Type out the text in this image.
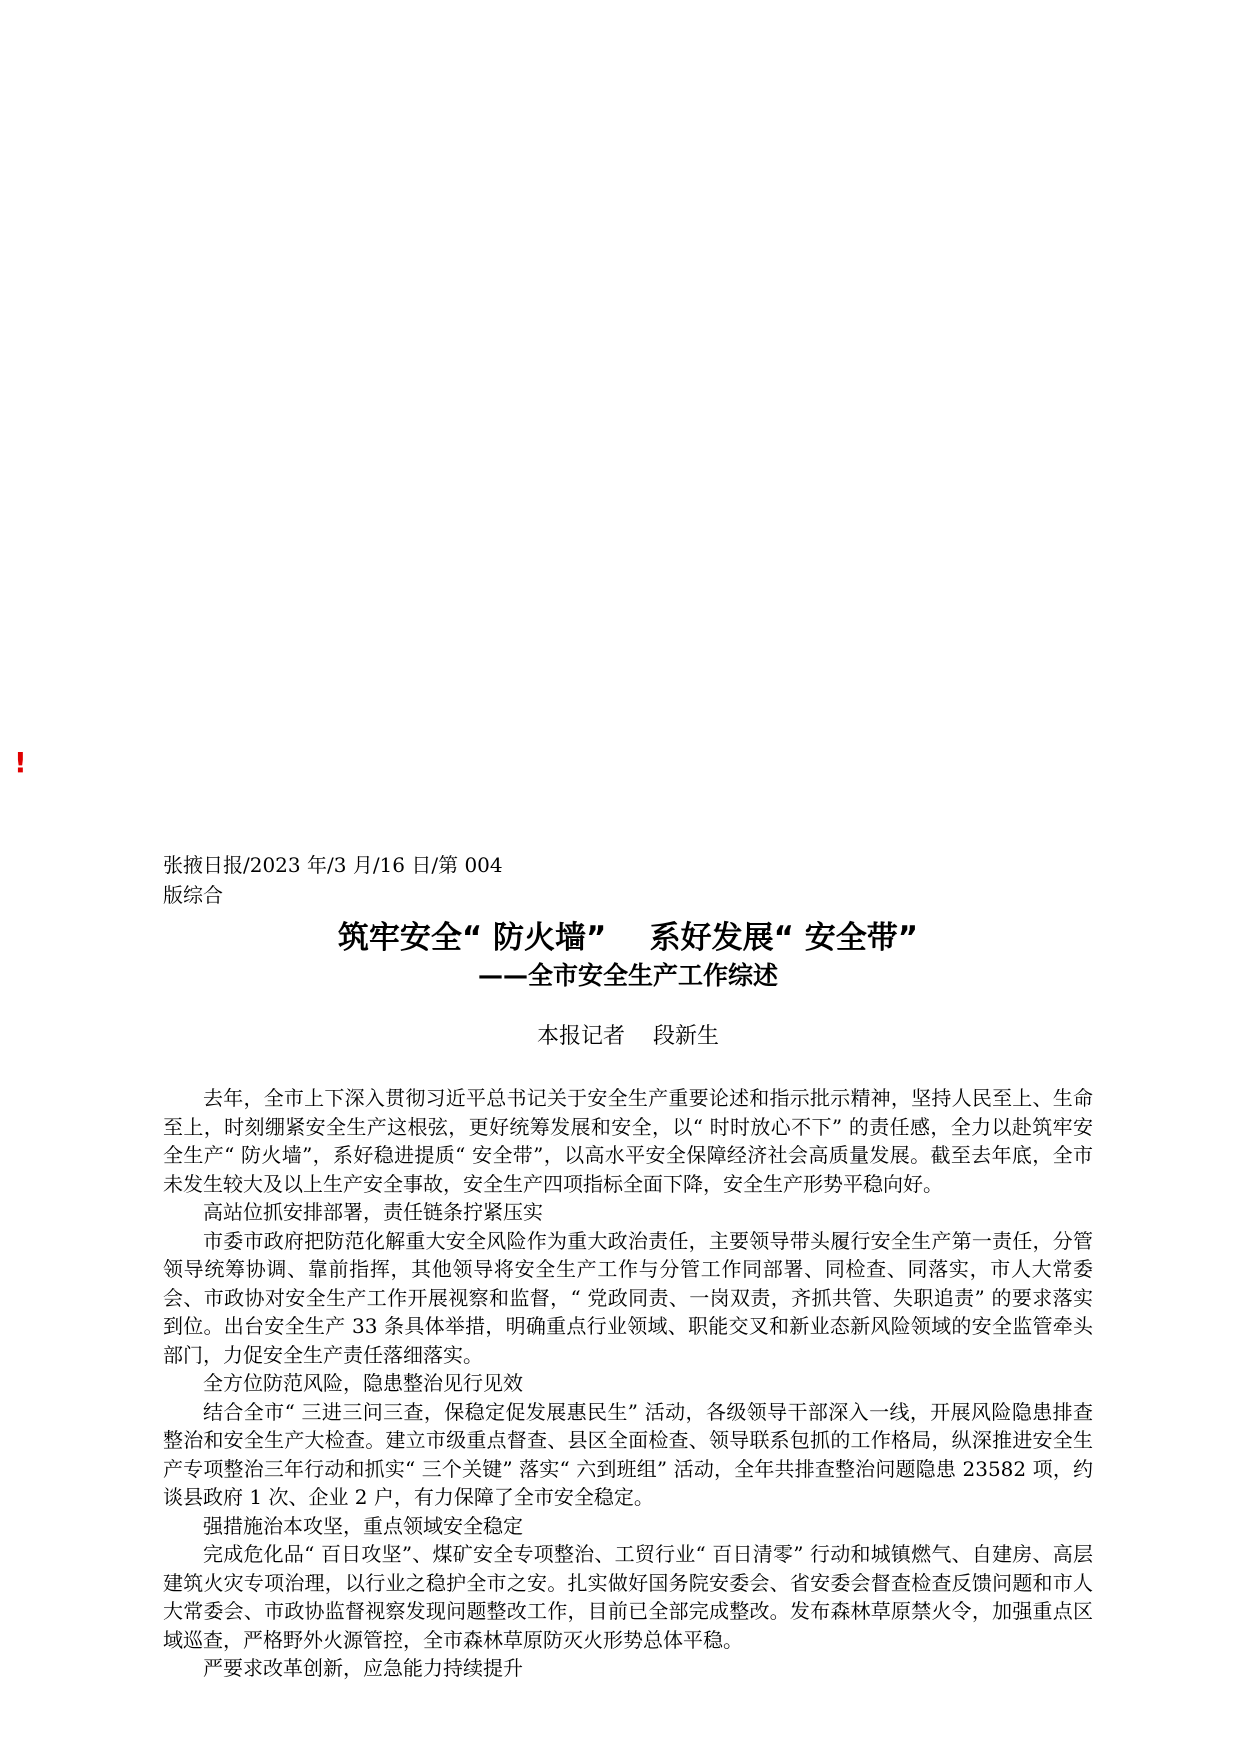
!

张掖日报/2023 年/3 月/16 日/第 004 版综合

筑牢安全“ 防火墙”    系好发展“ 安全带”
——全市安全生产工作综述

本报记者    段新生

去年，全市上下深入贯彻习近平总书记关于安全生产重要论述和指示批示精神，坚持人民至上、生命至上，时刻绷紧安全生产这根弦，更好统筹发展和安全，以“ 时时放心不下” 的责任感，全力以赴筑牢安全生产“ 防火墙”，系好稳进提质“ 安全带”，以高水平安全保障经济社会高质量发展。截至去年底，全市未发生较大及以上生产安全事故，安全生产四项指标全面下降，安全生产形势平稳向好。

高站位抓安排部署，责任链条拧紧压实

市委市政府把防范化解重大安全风险作为重大政治责任，主要领导带头履行安全生产第一责任，分管领导统筹协调、靠前指挥，其他领导将安全生产工作与分管工作同部署、同检查、同落实，市人大常委会、市政协对安全生产工作开展视察和监督，“ 党政同责、一岗双责，齐抓共管、失职追责” 的要求落实到位。出台安全生产 33 条具体举措，明确重点行业领域、职能交叉和新业态新风险领域的安全监管牵头部门，力促安全生产责任落细落实。

全方位防范风险，隐患整治见行见效

结合全市“ 三进三问三查，保稳定促发展惠民生” 活动，各级领导干部深入一线，开展风险隐患排查整治和安全生产大检查。建立市级重点督查、县区全面检查、领导联系包抓的工作格局，纵深推进安全生产专项整治三年行动和抓实“ 三个关键” 落实“ 六到班组” 活动，全年共排查整治问题隐患 23582 项，约谈县政府 1 次、企业 2 户，有力保障了全市安全稳定。

强措施治本攻坚，重点领域安全稳定

完成危化品“ 百日攻坚”、煤矿安全专项整治、工贸行业“ 百日清零” 行动和城镇燃气、自建房、高层建筑火灾专项治理，以行业之稳护全市之安。扎实做好国务院安委会、省安委会督查检查反馈问题和市人大常委会、市政协监督视察发现问题整改工作，目前已全部完成整改。发布森林草原禁火令，加强重点区域巡查，严格野外火源管控，全市森林草原防灭火形势总体平稳。

严要求改革创新，应急能力持续提升
